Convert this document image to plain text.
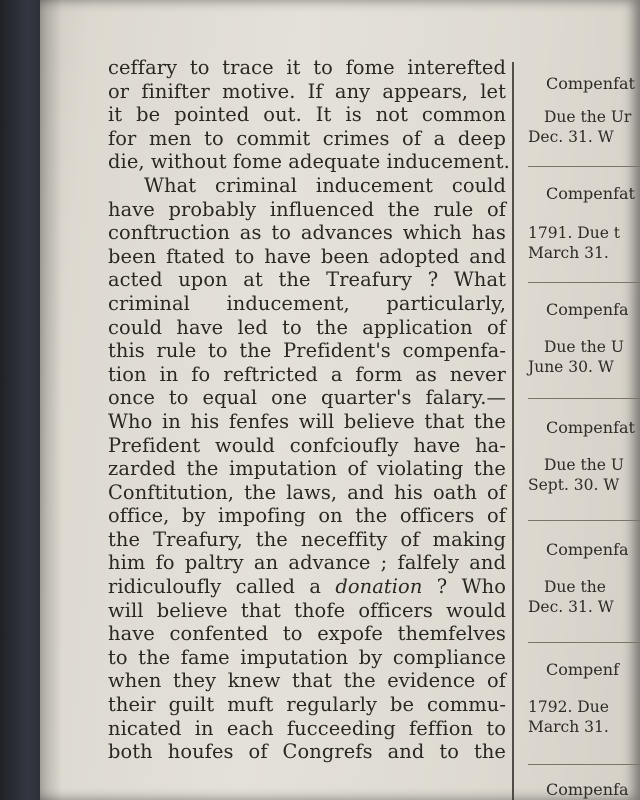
ceffary to trace it to fome interefted
or finifter motive. If any appears, let
it be pointed out. It is not common
for men to commit crimes of a deep
die, without fome adequate inducement.
What criminal inducement could
have probably influenced the rule of
conftruction as to advances which has
been ftated to have been adopted and
acted upon at the Treafury ? What
criminal inducement, particularly,
could have led to the application of
this rule to the Prefident's compenfa-
tion in fo reftricted a form as never
once to equal one quarter's falary.—
Who in his fenfes will believe that the
Prefident would confcioufly have ha-
zarded the imputation of violating the
Conftitution, the laws, and his oath of
office, by impofing on the officers of
the Treafury, the neceffity of making
him fo paltry an advance ; falfely and
ridiculoufly called a donation ? Who
will believe that thofe officers would
have confented to expofe themfelves
to the fame imputation by compliance
when they knew that the evidence of
their guilt muft regularly be commu-
nicated in each fucceeding feffion to
both houfes of Congrefs and to the
Compenfat
Due the Ur
Dec. 31. W
Compenfat
1791. Due t
March 31.
Compenfa
Due the U
June 30. W
Compenfat
Due the U
Sept. 30. W
Compenfa
Due the
Dec. 31. W
Compenf
1792. Due
March 31.
Compenfa
